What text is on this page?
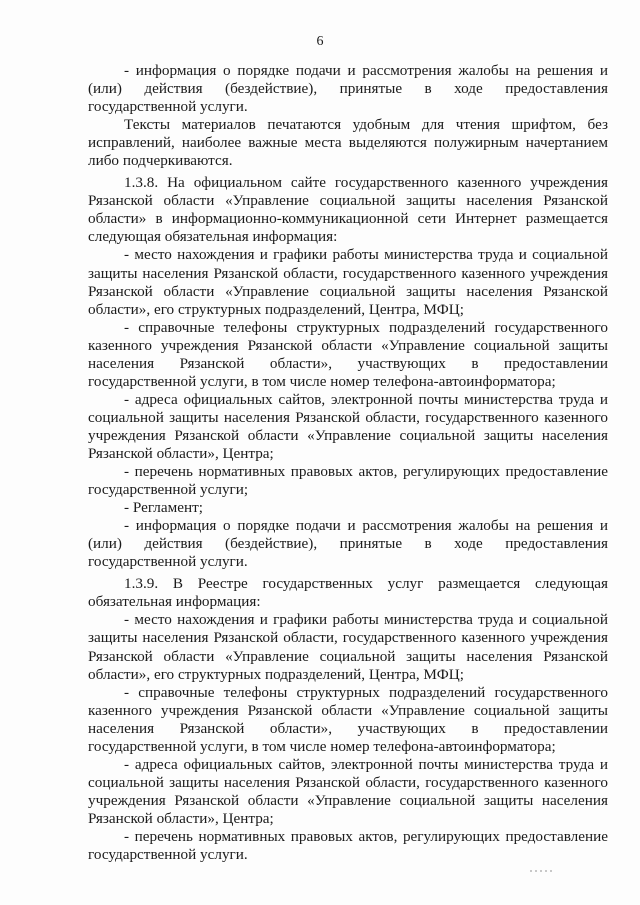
6

- информация о порядке подачи и рассмотрения жалобы на решения и (или) действия (бездействие), принятые в ходе предоставления государственной услуги.

Тексты материалов печатаются удобным для чтения шрифтом, без исправлений, наиболее важные места выделяются полужирным начертанием либо подчеркиваются.

1.3.8. На официальном сайте государственного казенного учреждения Рязанской области «Управление социальной защиты населения Рязанской области» в информационно-коммуникационной сети Интернет размещается следующая обязательная информация:

- место нахождения и графики работы министерства труда и социальной защиты населения Рязанской области, государственного казенного учреждения Рязанской области «Управление социальной защиты населения Рязанской области», его структурных подразделений, Центра, МФЦ;

- справочные телефоны структурных подразделений государственного казенного учреждения Рязанской области «Управление социальной защиты населения Рязанской области», участвующих в предоставлении государственной услуги, в том числе номер телефона-автоинформатора;

- адреса официальных сайтов, электронной почты министерства труда и социальной защиты населения Рязанской области, государственного казенного учреждения Рязанской области «Управление социальной защиты населения Рязанской области», Центра;

- перечень нормативных правовых актов, регулирующих предоставление государственной услуги;

- Регламент;

- информация о порядке подачи и рассмотрения жалобы на решения и (или) действия (бездействие), принятые в ходе предоставления государственной услуги.

1.3.9. В Реестре государственных услуг размещается следующая обязательная информация:

- место нахождения и графики работы министерства труда и социальной защиты населения Рязанской области, государственного казенного учреждения Рязанской области «Управление социальной защиты населения Рязанской области», его структурных подразделений, Центра, МФЦ;

- справочные телефоны структурных подразделений государственного казенного учреждения Рязанской области «Управление социальной защиты населения Рязанской области», участвующих в предоставлении государственной услуги, в том числе номер телефона-автоинформатора;

- адреса официальных сайтов, электронной почты министерства труда и социальной защиты населения Рязанской области, государственного казенного учреждения Рязанской области «Управление социальной защиты населения Рязанской области», Центра;

- перечень нормативных правовых актов, регулирующих предоставление государственной услуги.
